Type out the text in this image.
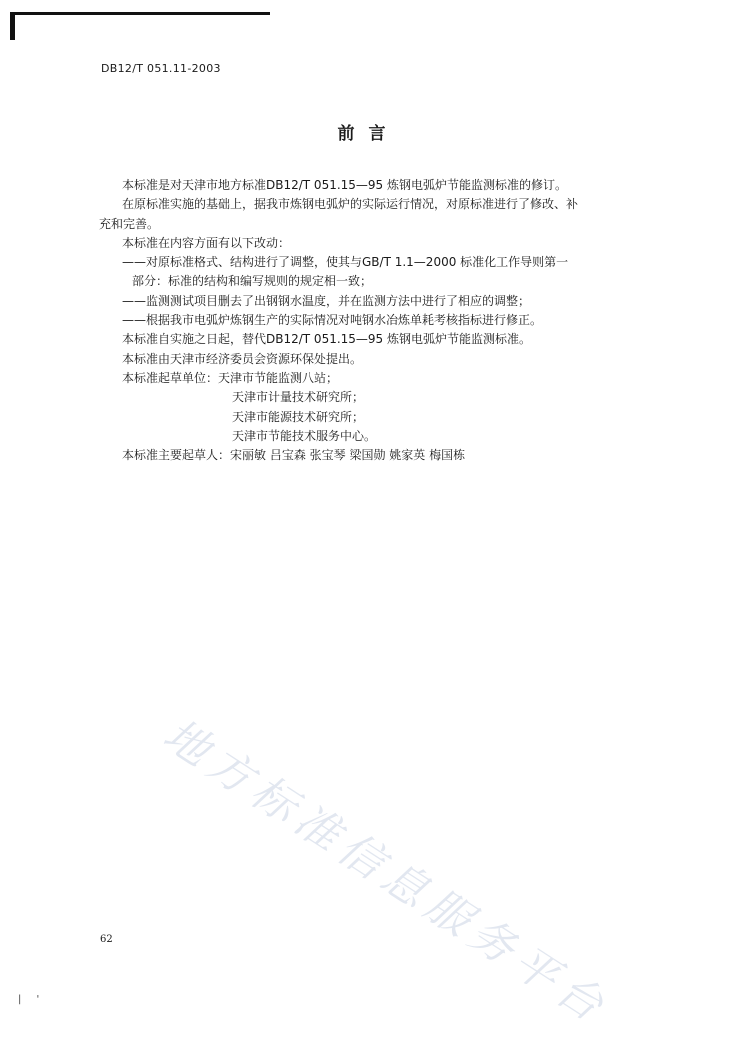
DB12/T 051.11-2003
前言
本标准是对天津市地方标准DB12/T 051.15—95 炼钢电弧炉节能监测标准的修订。
在原标准实施的基础上，据我市炼钢电弧炉的实际运行情况，对原标准进行了修改、补
充和完善。
本标准在内容方面有以下改动：
——对原标准格式、结构进行了调整，使其与GB/T 1.1—2000 标准化工作导则第一
部分：标准的结构和编写规则的规定相一致；
——监测测试项目删去了出钢钢水温度，并在监测方法中进行了相应的调整；
——根据我市电弧炉炼钢生产的实际情况对吨钢水冶炼单耗考核指标进行修正。
本标准自实施之日起，替代DB12/T 051.15—95 炼钢电弧炉节能监测标准。
本标准由天津市经济委员会资源环保处提出。
本标准起草单位：天津市节能监测八站；
天津市计量技术研究所；
天津市能源技术研究所；
天津市节能技术服务中心。
本标准主要起草人：宋丽敏 吕宝森 张宝琴 梁国勋 姚家英 梅国栋
地方标准信息服务平台
62
| '
